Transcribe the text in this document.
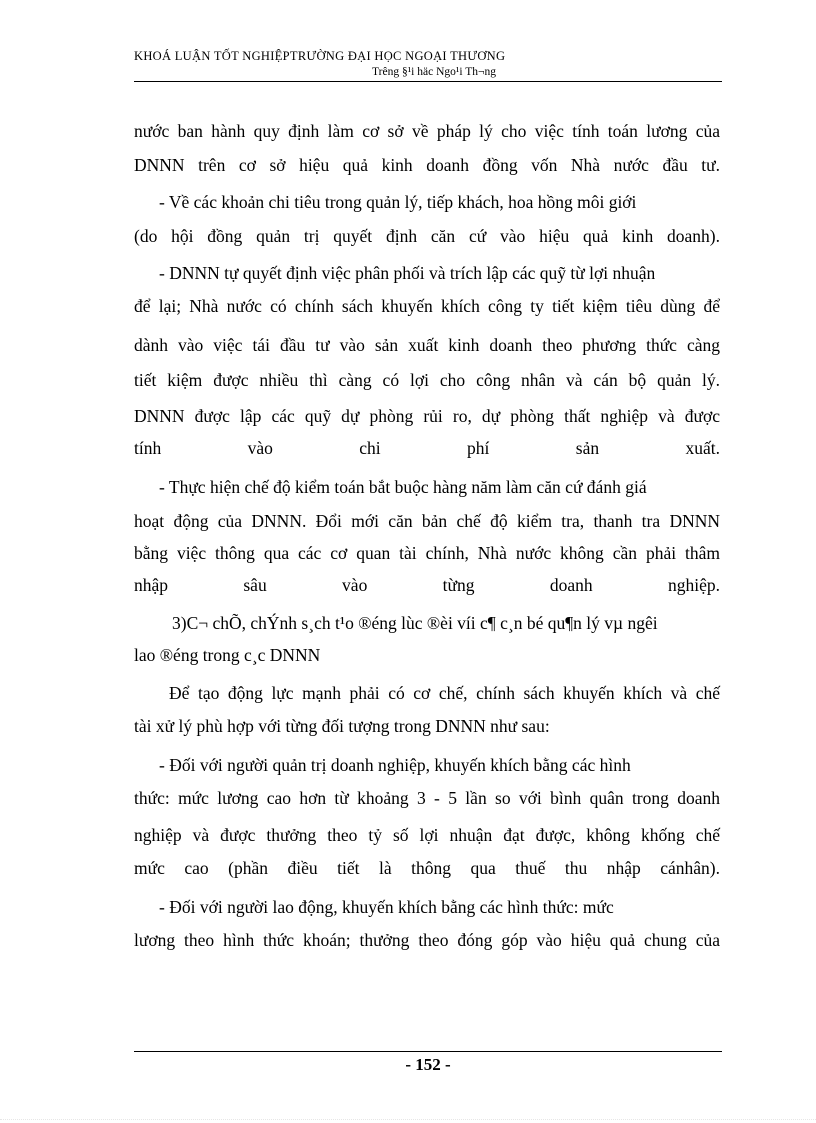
KHOÁ LUẬN TỐT NGHIỆPTRƯỜNG ĐẠI HỌC NGOẠI THƯƠNG
Trêng §¹i häc Ngo¹i Th¬ng
nước ban hành quy định làm cơ sở về pháp lý cho việc tính toán lương của
DNNN trên cơ sở hiệu quả kinh doanh đồng vốn Nhà nước đầu tư.
- Về các khoản chi tiêu trong quản lý, tiếp khách, hoa hồng môi giới
(do hội đồng quản trị quyết định căn cứ vào hiệu quả kinh doanh).
- DNNN tự quyết định việc phân phối và trích lập các quỹ từ lợi nhuận
để lại; Nhà nước có chính sách khuyến khích công ty tiết kiệm tiêu dùng để
dành vào việc tái đầu tư vào sản xuất kinh doanh theo phương thức càng
tiết kiệm được nhiều thì càng có lợi cho công nhân và cán bộ quản lý.
DNNN được lập các quỹ dự phòng rủi ro, dự phòng thất nghiệp và được
tính vào chi phí sản xuất.
- Thực hiện chế độ kiểm toán bắt buộc hàng năm làm căn cứ đánh giá
hoạt động của DNNN. Đổi mới căn bản chế độ kiểm tra, thanh tra DNNN
bằng việc thông qua các cơ quan tài chính, Nhà nước không cần phải thâm
nhập sâu vào từng doanh nghiệp.
3)C¬ chÕ, chÝnh s¸ch t¹o ®éng lùc ®èi víi c¶ c¸n bé qu¶n lý vµ ngêi
lao ®éng trong c¸c DNNN
Để tạo động lực mạnh phải có cơ chế, chính sách khuyến khích và chế
tài xử lý phù hợp với từng đối tượng trong DNNN như sau:
- Đối với người quản trị doanh nghiệp, khuyến khích bằng các hình
thức: mức lương cao hơn từ khoảng 3 - 5 lần so với bình quân trong doanh
nghiệp và được thưởng theo tỷ số lợi nhuận đạt được, không khống chế
mức cao (phần điều tiết là thông qua thuế thu nhập cánhân).
- Đối với người lao động, khuyến khích bằng các hình thức: mức
lương theo hình thức khoán; thưởng theo đóng góp vào hiệu quả chung của
- 152 -
